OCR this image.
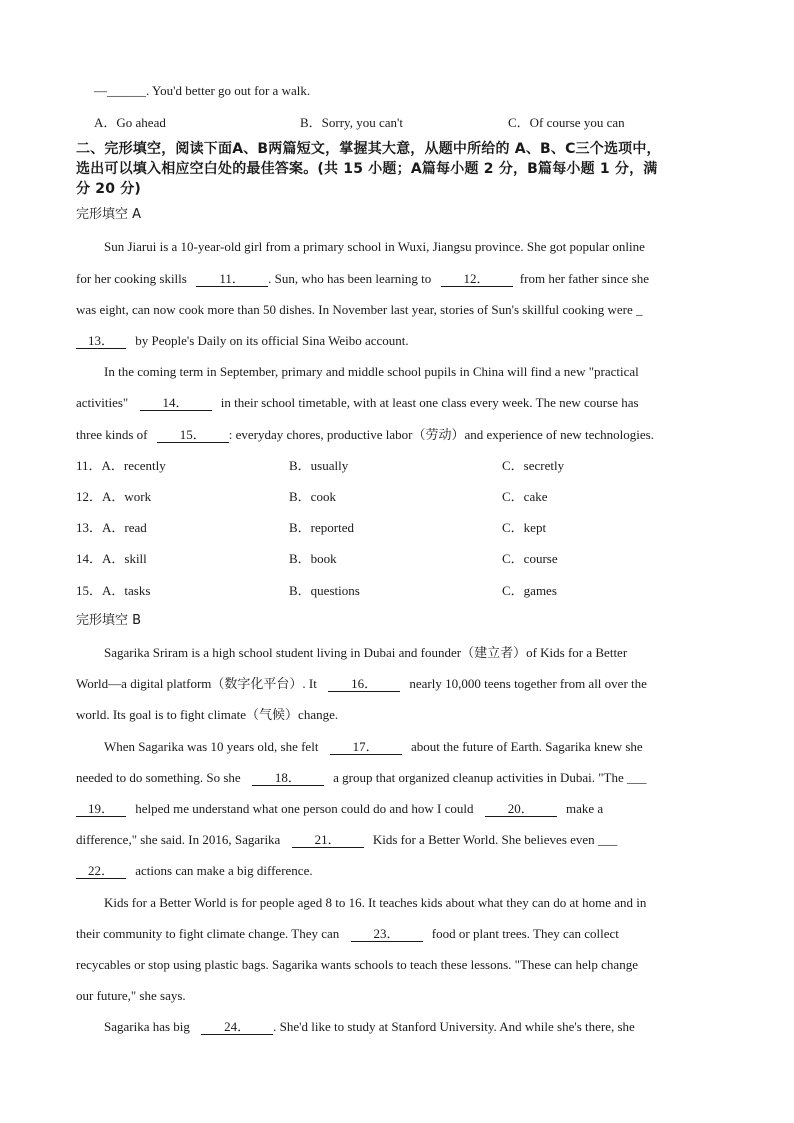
—______. You'd better go out for a walk.
A．Go ahead	B．Sorry, you can't	C．Of course you can
二、完形填空，阅读下面A、B两篇短文，掌握其大意，从题中所给的 A、B、C三个选项中，
选出可以填入相应空白处的最佳答案。(共 15 小题；A篇每小题 2 分，B篇每小题 1 分，满
分 20 分)
完形填空 A
Sun Jiarui is a 10-year-old girl from a primary school in Wuxi, Jiangsu province. She got popular online
for her cooking skills 11． . Sun, who has been learning to 12． from her father since she
was eight, can now cook more than 50 dishes. In November last year, stories of Sun's skillful cooking were _
13． by People's Daily on its official Sina Weibo account.
In the coming term in September, primary and middle school pupils in China will find a new "practical
activities"	14． in their school timetable, with at least one class every week. The new course has
three kinds of 15． : everyday chores, productive labor（劳动）and experience of new technologies.
11．A．recently	B．usually	C．secretly
12．A．work	B．cook	C．cake
13．A．read	B．reported	C．kept
14．A．skill	B．book	C．course
15．A．tasks	B．questions	C．games
完形填空 B
Sagarika Sriram is a high school student living in Dubai and founder（建立者）of Kids for a Better
World—a digital platform（数字化平台）. It	16． nearly 10,000 teens together from all over the
world. Its goal is to fight climate（气候）change.
When Sagarika was 10 years old, she felt	17． about the future of Earth. Sagarika knew she
needed to do something. So she	18． a group that organized cleanup activities in Dubai. "The ___
19． helped me understand what one person could do and how I could	20． make a
difference," she said. In 2016, Sagarika	21． Kids for a Better World. She believes even ___
22． actions can make a big difference.
Kids for a Better World is for people aged 8 to 16. It teaches kids about what they can do at home and in
their community to fight climate change. They can	23． food or plant trees. They can collect
recycables or stop using plastic bags. Sagarika wants schools to teach these lessons. "These can help change
our future," she says.
Sagarika has big	24． . She'd like to study at Stanford University. And while she's there, she
